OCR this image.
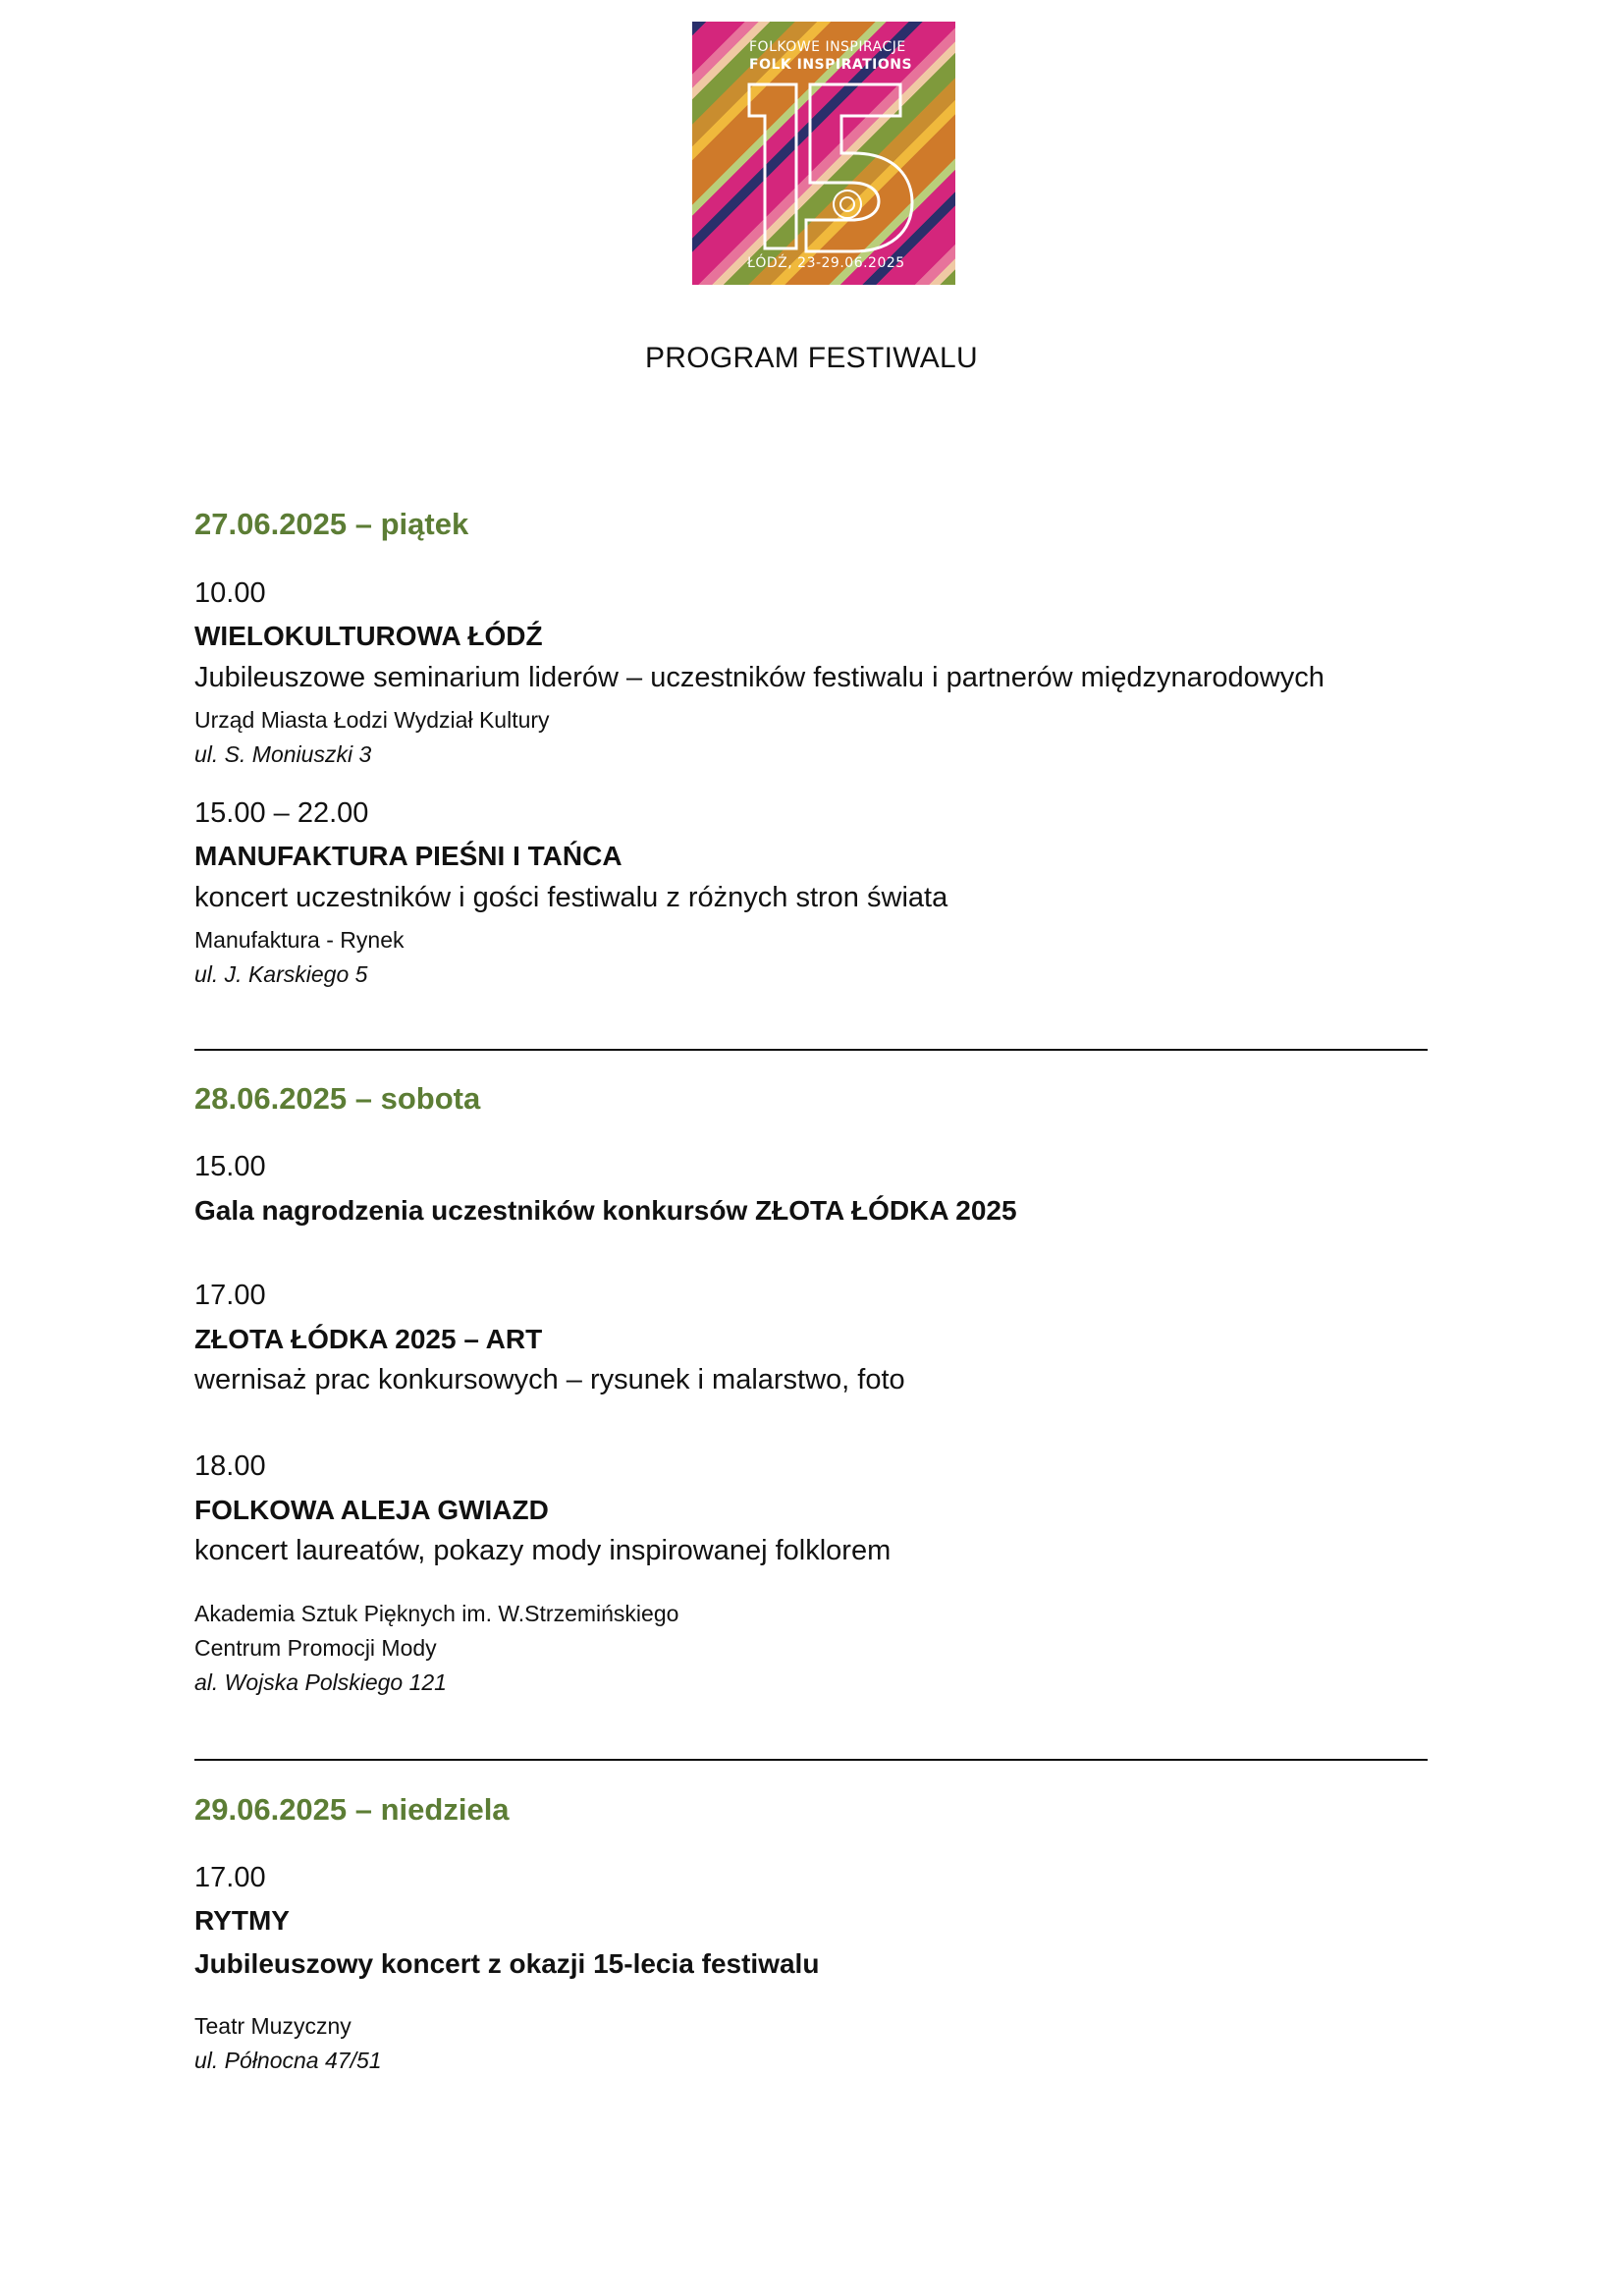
FOLKOWE INSPIRACJE
FOLK INSPIRATIONS
ŁÓDŹ, 23-29.06.2025
PROGRAM FESTIWALU
27.06.2025 – piątek
10.00
WIELOKULTUROWA ŁÓDŹ
Jubileuszowe seminarium liderów – uczestników festiwalu i partnerów międzynarodowych
Urząd Miasta Łodzi Wydział Kultury
ul. S. Moniuszki 3
15.00 – 22.00
MANUFAKTURA PIEŚNI I TAŃCA
koncert uczestników i gości festiwalu z różnych stron świata
Manufaktura - Rynek
ul. J. Karskiego 5
28.06.2025 – sobota
15.00
Gala nagrodzenia uczestników konkursów ZŁOTA ŁÓDKA 2025
17.00
ZŁOTA ŁÓDKA 2025 – ART
wernisaż prac konkursowych – rysunek i malarstwo, foto
18.00
FOLKOWA ALEJA GWIAZD
koncert laureatów, pokazy mody inspirowanej folklorem
Akademia Sztuk Pięknych im. W.Strzemińskiego
Centrum Promocji Mody
al. Wojska Polskiego 121
29.06.2025 – niedziela
17.00
RYTMY
Jubileuszowy koncert z okazji 15-lecia festiwalu
Teatr Muzyczny
ul. Północna 47/51
